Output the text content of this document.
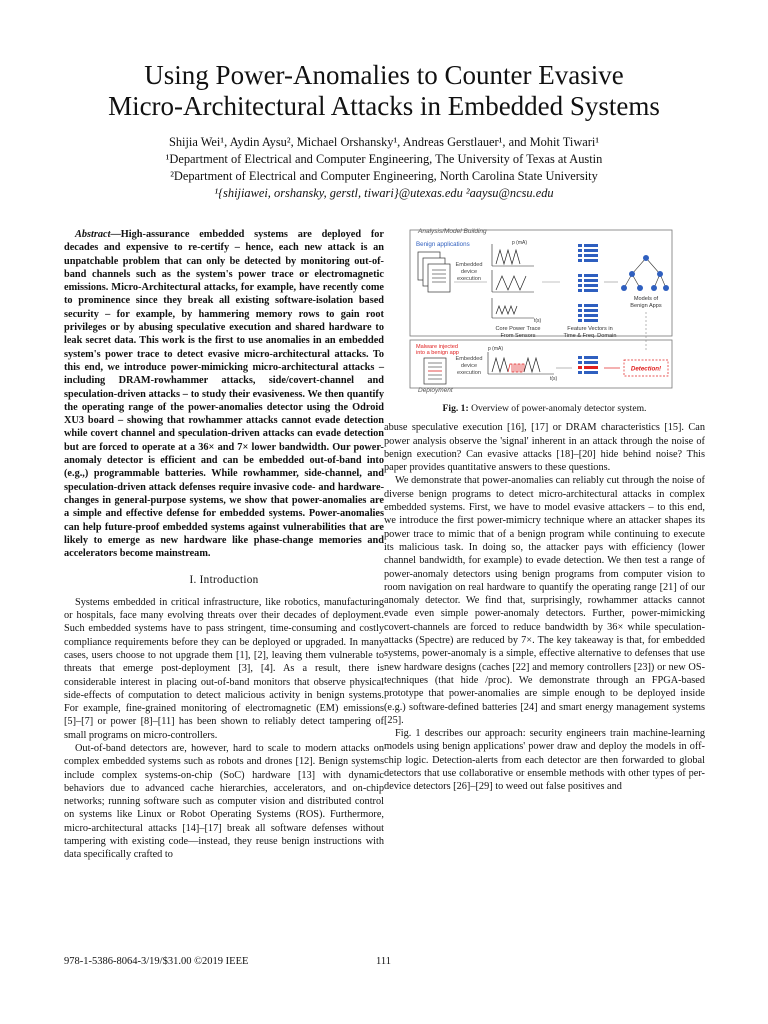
Using Power-Anomalies to Counter Evasive
Micro-Architectural Attacks in Embedded Systems
Shijia Wei¹, Aydin Aysu², Michael Orshansky¹, Andreas Gerstlauer¹, and Mohit Tiwari¹
¹Department of Electrical and Computer Engineering, The University of Texas at Austin
²Department of Electrical and Computer Engineering, North Carolina State University
¹{shijiawei, orshansky, gerstl, tiwari}@utexas.edu ²aaysu@ncsu.edu

Abstract—High-assurance embedded systems are deployed for decades and expensive to re-certify – hence, each new attack is an unpatchable problem that can only be detected by monitoring out-of-band channels such as the system's power trace or electromagnetic emissions. Micro-Architectural attacks, for example, have recently come to prominence since they break all existing software-isolation based security – for example, by hammering memory rows to gain root privileges or by abusing speculative execution and shared hardware to leak secret data. This work is the first to use anomalies in an embedded system's power trace to detect evasive micro-architectural attacks. To this end, we introduce power-mimicking micro-architectural attacks – including DRAM-rowhammer attacks, side/covert-channel and speculation-driven attacks – to study their evasiveness. We then quantify the operating range of the power-anomalies detector using the Odroid XU3 board – showing that rowhammer attacks cannot evade detection while covert channel and speculation-driven attacks can evade detection but are forced to operate at a 36× and 7× lower bandwidth. Our power-anomaly detector is efficient and can be embedded out-of-band into (e.g.,) programmable batteries. While rowhammer, side-channel, and speculation-driven attack defenses require invasive code- and hardware-changes in general-purpose systems, we show that power-anomalies are a simple and effective defense for embedded systems. Power-anomalies can help future-proof embedded systems against vulnerabilities that are likely to emerge as new hardware like phase-change memories and accelerators become mainstream.

I. Introduction

Systems embedded in critical infrastructure, like robotics, manufacturing or hospitals, face many evolving threats over their decades of deployment. Such embedded systems have to pass stringent, time-consuming and costly compliance requirements before they can be deployed or upgraded. In many cases, users choose to not upgrade them [1], [2], leaving them vulnerable to threats that emerge post-deployment [3], [4]. As a result, there is considerable interest in placing out-of-band monitors that observe physical side-effects of computation to detect malicious activity in benign systems. For example, fine-grained monitoring of electromagnetic (EM) emissions [5]–[7] or power [8]–[11] has been shown to reliably detect tampering of small programs on micro-controllers.

Out-of-band detectors are, however, hard to scale to modern attacks on complex embedded systems such as robots and drones [12]. Benign systems include complex systems-on-chip (SoC) hardware [13] with dynamic behaviors due to advanced cache hierarchies, accelerators, and on-chip networks; running software such as computer vision and distributed control on systems like Linux or Robot Operating Systems (ROS). Furthermore, micro-architectural attacks [14]–[17] break all software defenses without tampering with existing code—instead, they reuse benign instructions with data specifically crafted to

Analysis/Model Building
Benign applications
Embedded
device
execution
p (mA)
t(s)
Models of
Benign Apps
Core Power Trace
From Sensors
Feature Vectors in
Time & Freq. Domain
Malware injected
into a benign app
Embedded
device
execution
p (mA)
t(s)
Detection!
Deployment
Fig. 1: Overview of power-anomaly detector system.

abuse speculative execution [16], [17] or DRAM characteristics [15]. Can power analysis observe the 'signal' inherent in an attack through the noise of benign execution? Can evasive attacks [18]–[20] hide behind noise? This paper provides quantitative answers to these questions.

We demonstrate that power-anomalies can reliably cut through the noise of diverse benign programs to detect micro-architectural attacks in complex embedded systems. First, we have to model evasive attackers – to this end, we introduce the first power-mimicry technique where an attacker shapes its power trace to mimic that of a benign program while continuing to execute its malicious task. In doing so, the attacker pays with efficiency (lower channel bandwidth, for example) to evade detection. We then test a range of power-anomaly detectors using benign programs from computer vision to room navigation on real hardware to quantify the operating range [21] of our anomaly detector. We find that, surprisingly, rowhammer attacks cannot evade even simple power-anomaly detectors. Further, power-mimicking covert-channels are forced to reduce bandwidth by 36× while speculation-attacks (Spectre) are reduced by 7×. The key takeaway is that, for embedded systems, power-anomaly is a simple, effective alternative to defenses that use new hardware designs (caches [22] and memory controllers [23]) or new OS-techniques (that hide /proc). We demonstrate through an FPGA-based prototype that power-anomalies are simple enough to be deployed inside (e.g.) software-defined batteries [24] and smart energy management systems [25].

Fig. 1 describes our approach: security engineers train machine-learning models using benign applications' power draw and deploy the models in off-chip logic. Detection-alerts from each detector are then forwarded to global detectors that use collaborative or ensemble methods with other types of per-device detectors [26]–[29] to weed out false positives and

978-1-5386-8064-3/19/$31.00 ©2019 IEEE	111
